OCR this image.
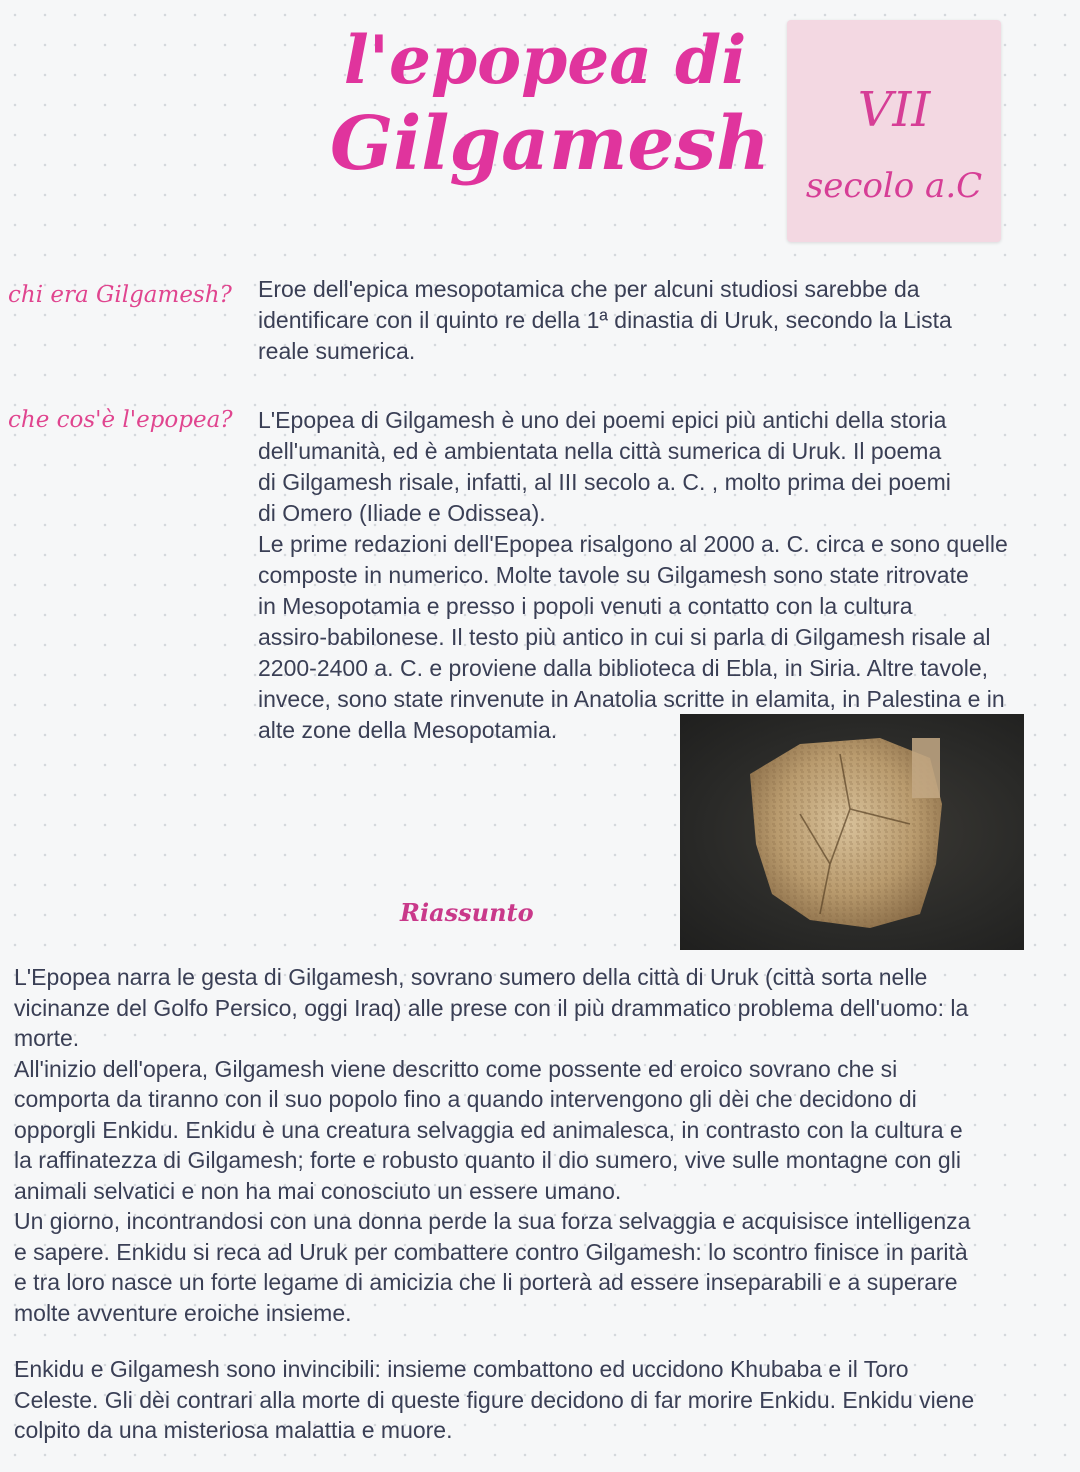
l'epopea di
Gilgamesh	VII
secolo a.C
chi era Gilgamesh? Eroe dell'epica mesopotamica che per alcuni studiosi sarebbe da
identificare con il quinto re della 1ª dinastia di Uruk, secondo la Lista
reale sumerica.
che cos'è l'epopea? L'Epopea di Gilgamesh è uno dei poemi epici più antichi della storia
dell'umanità, ed è ambientata nella città sumerica di Uruk. Il poema
di Gilgamesh risale, infatti, al III secolo a. C. , molto prima dei poemi
di Omero (Iliade e Odissea).
Le prime redazioni dell'Epopea risalgono al 2000 a. C. circa e sono quelle
composte in numerico. Molte tavole su Gilgamesh sono state ritrovate
in Mesopotamia e presso i popoli venuti a contatto con la cultura
assiro-babilonese. Il testo più antico in cui si parla di Gilgamesh risale al
2200-2400 a. C. e proviene dalla biblioteca di Ebla, in Siria. Altre tavole,
invece, sono state rinvenute in Anatolia scritte in elamita, in Palestina e in
alte zone della Mesopotamia.
Riassunto
L'Epopea narra le gesta di Gilgamesh, sovrano sumero della città di Uruk (città sorta nelle
vicinanze del Golfo Persico, oggi Iraq) alle prese con il più drammatico problema dell'uomo: la
morte.
All'inizio dell'opera, Gilgamesh viene descritto come possente ed eroico sovrano che si
comporta da tiranno con il suo popolo fino a quando intervengono gli dèi che decidono di
opporgli Enkidu. Enkidu è una creatura selvaggia ed animalesca, in contrasto con la cultura e
la raffinatezza di Gilgamesh; forte e robusto quanto il dio sumero, vive sulle montagne con gli
animali selvatici e non ha mai conosciuto un essere umano.
Un giorno, incontrandosi con una donna perde la sua forza selvaggia e acquisisce intelligenza
e sapere. Enkidu si reca ad Uruk per combattere contro Gilgamesh: lo scontro finisce in parità
e tra loro nasce un forte legame di amicizia che li porterà ad essere inseparabili e a superare
molte avventure eroiche insieme.
Enkidu e Gilgamesh sono invincibili: insieme combattono ed uccidono Khubaba e il Toro
Celeste. Gli dèi contrari alla morte di queste figure decidono di far morire Enkidu. Enkidu viene
colpito da una misteriosa malattia e muore.
